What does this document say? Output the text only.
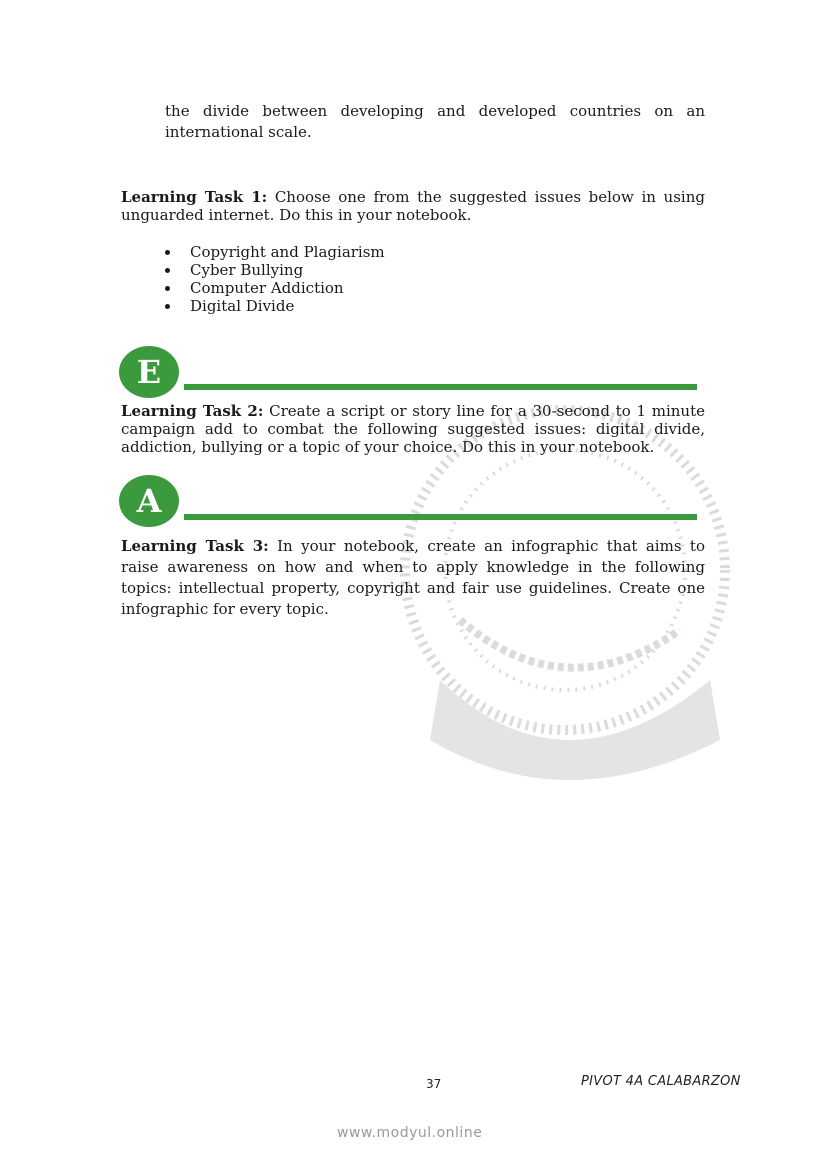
the divide between developing and developed countries on an international scale.

Learning Task 1: Choose one from the suggested issues below in using unguarded internet. Do this in your notebook.

Copyright and Plagiarism
Cyber Bullying
Computer Addiction
Digital Divide
E

Learning Task 2: Create a script or story line for a 30-second to 1 minute campaign add to combat the following suggested issues: digital divide, addiction, bullying or a topic of your choice. Do this in your notebook.

A

Learning Task 3: In your notebook, create an infographic that aims to raise awareness on how and when to apply knowledge in the following topics: intellectual property, copyright and fair use guidelines. Create one infographic for every topic.

37	PIVOT 4A CALABARZON
www.modyul.online
